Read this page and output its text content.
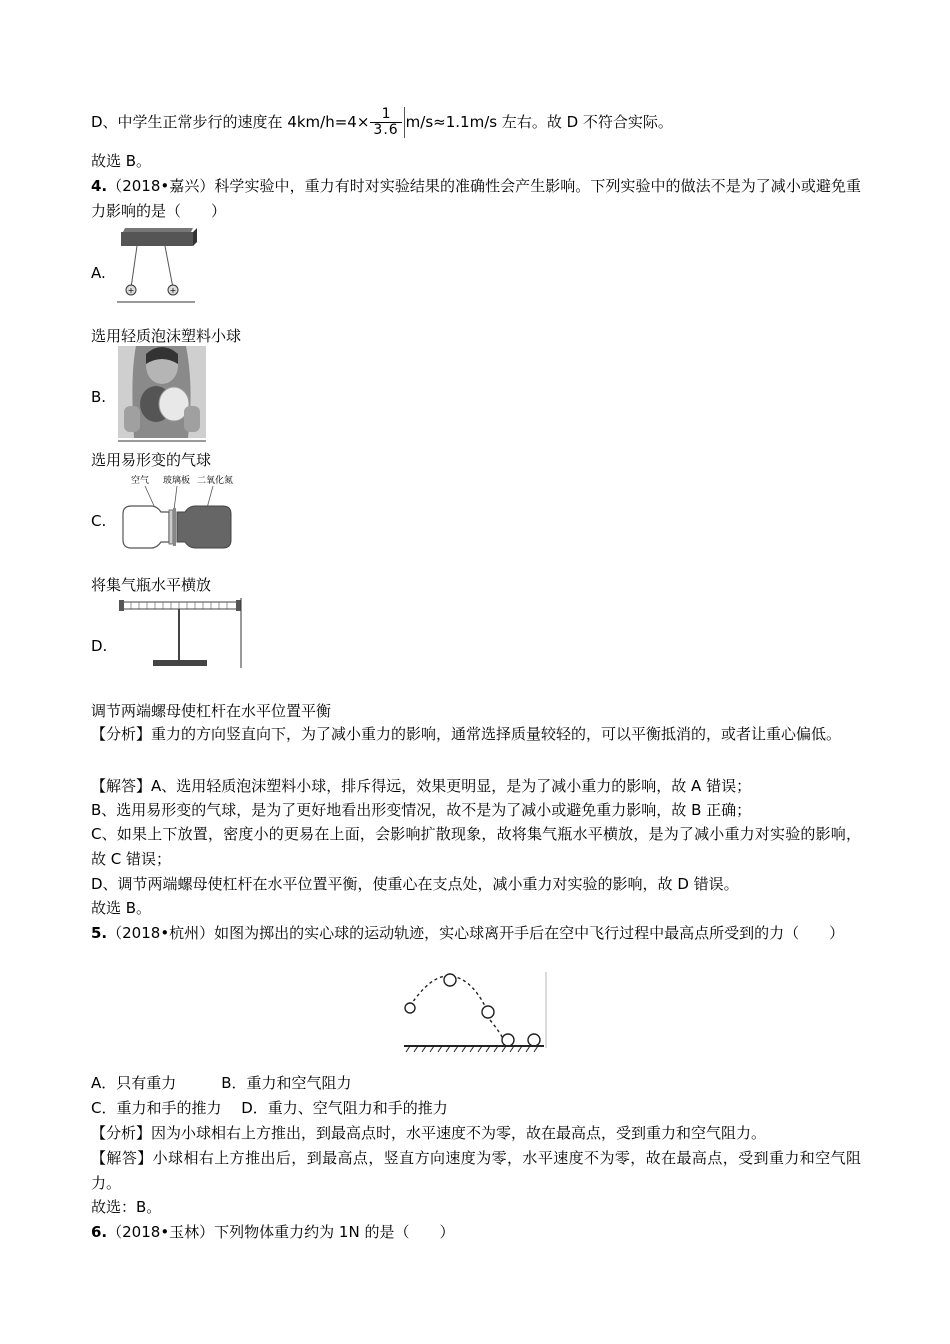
D、中学生正常步行的速度在 $4km/h=4\times \frac{1}{3.6} m/s\approx 1.1m/s$ 左右。故 D 不符合实际。
故选 B。
4.（2018•嘉兴）科学实验中，重力有时对实验结果的准确性会产生影响。下列实验中的做法不是为了减小或避免重力影响的是（　　）
A.
+	+
选用轻质泡沫塑料小球
B.
选用易形变的气球
C.
空气 玻璃板 二氧化氮
将集气瓶水平横放
D.
调节两端螺母使杠杆在水平位置平衡
【分析】重力的方向竖直向下，为了减小重力的影响，通常选择质量较轻的，可以平衡抵消的，或者让重心偏低。
【解答】A、选用轻质泡沫塑料小球，排斥得远，效果更明显，是为了减小重力的影响，故 A 错误；
B、选用易形变的气球，是为了更好地看出形变情况，故不是为了减小或避免重力影响，故 B 正确；
C、如果上下放置，密度小的更易在上面，会影响扩散现象，故将集气瓶水平横放，是为了减小重力对实验的影响，故 C 错误；
D、调节两端螺母使杠杆在水平位置平衡，使重心在支点处，减小重力对实验的影响，故 D 错误。
故选 B。
5.（2018•杭州）如图为掷出的实心球的运动轨迹，实心球离开手后在空中飞行过程中最高点所受到的力（　　）
A．只有重力　　　B．重力和空气阻力
C．重力和手的推力　 D．重力、空气阻力和手的推力
【分析】因为小球相右上方推出，到最高点时，水平速度不为零，故在最高点，受到重力和空气阻力。
【解答】小球相右上方推出后，到最高点，竖直方向速度为零，水平速度不为零，故在最高点，受到重力和空气阻力。
故选：B。
6.（2018•玉林）下列物体重力约为 1N 的是（　　）
